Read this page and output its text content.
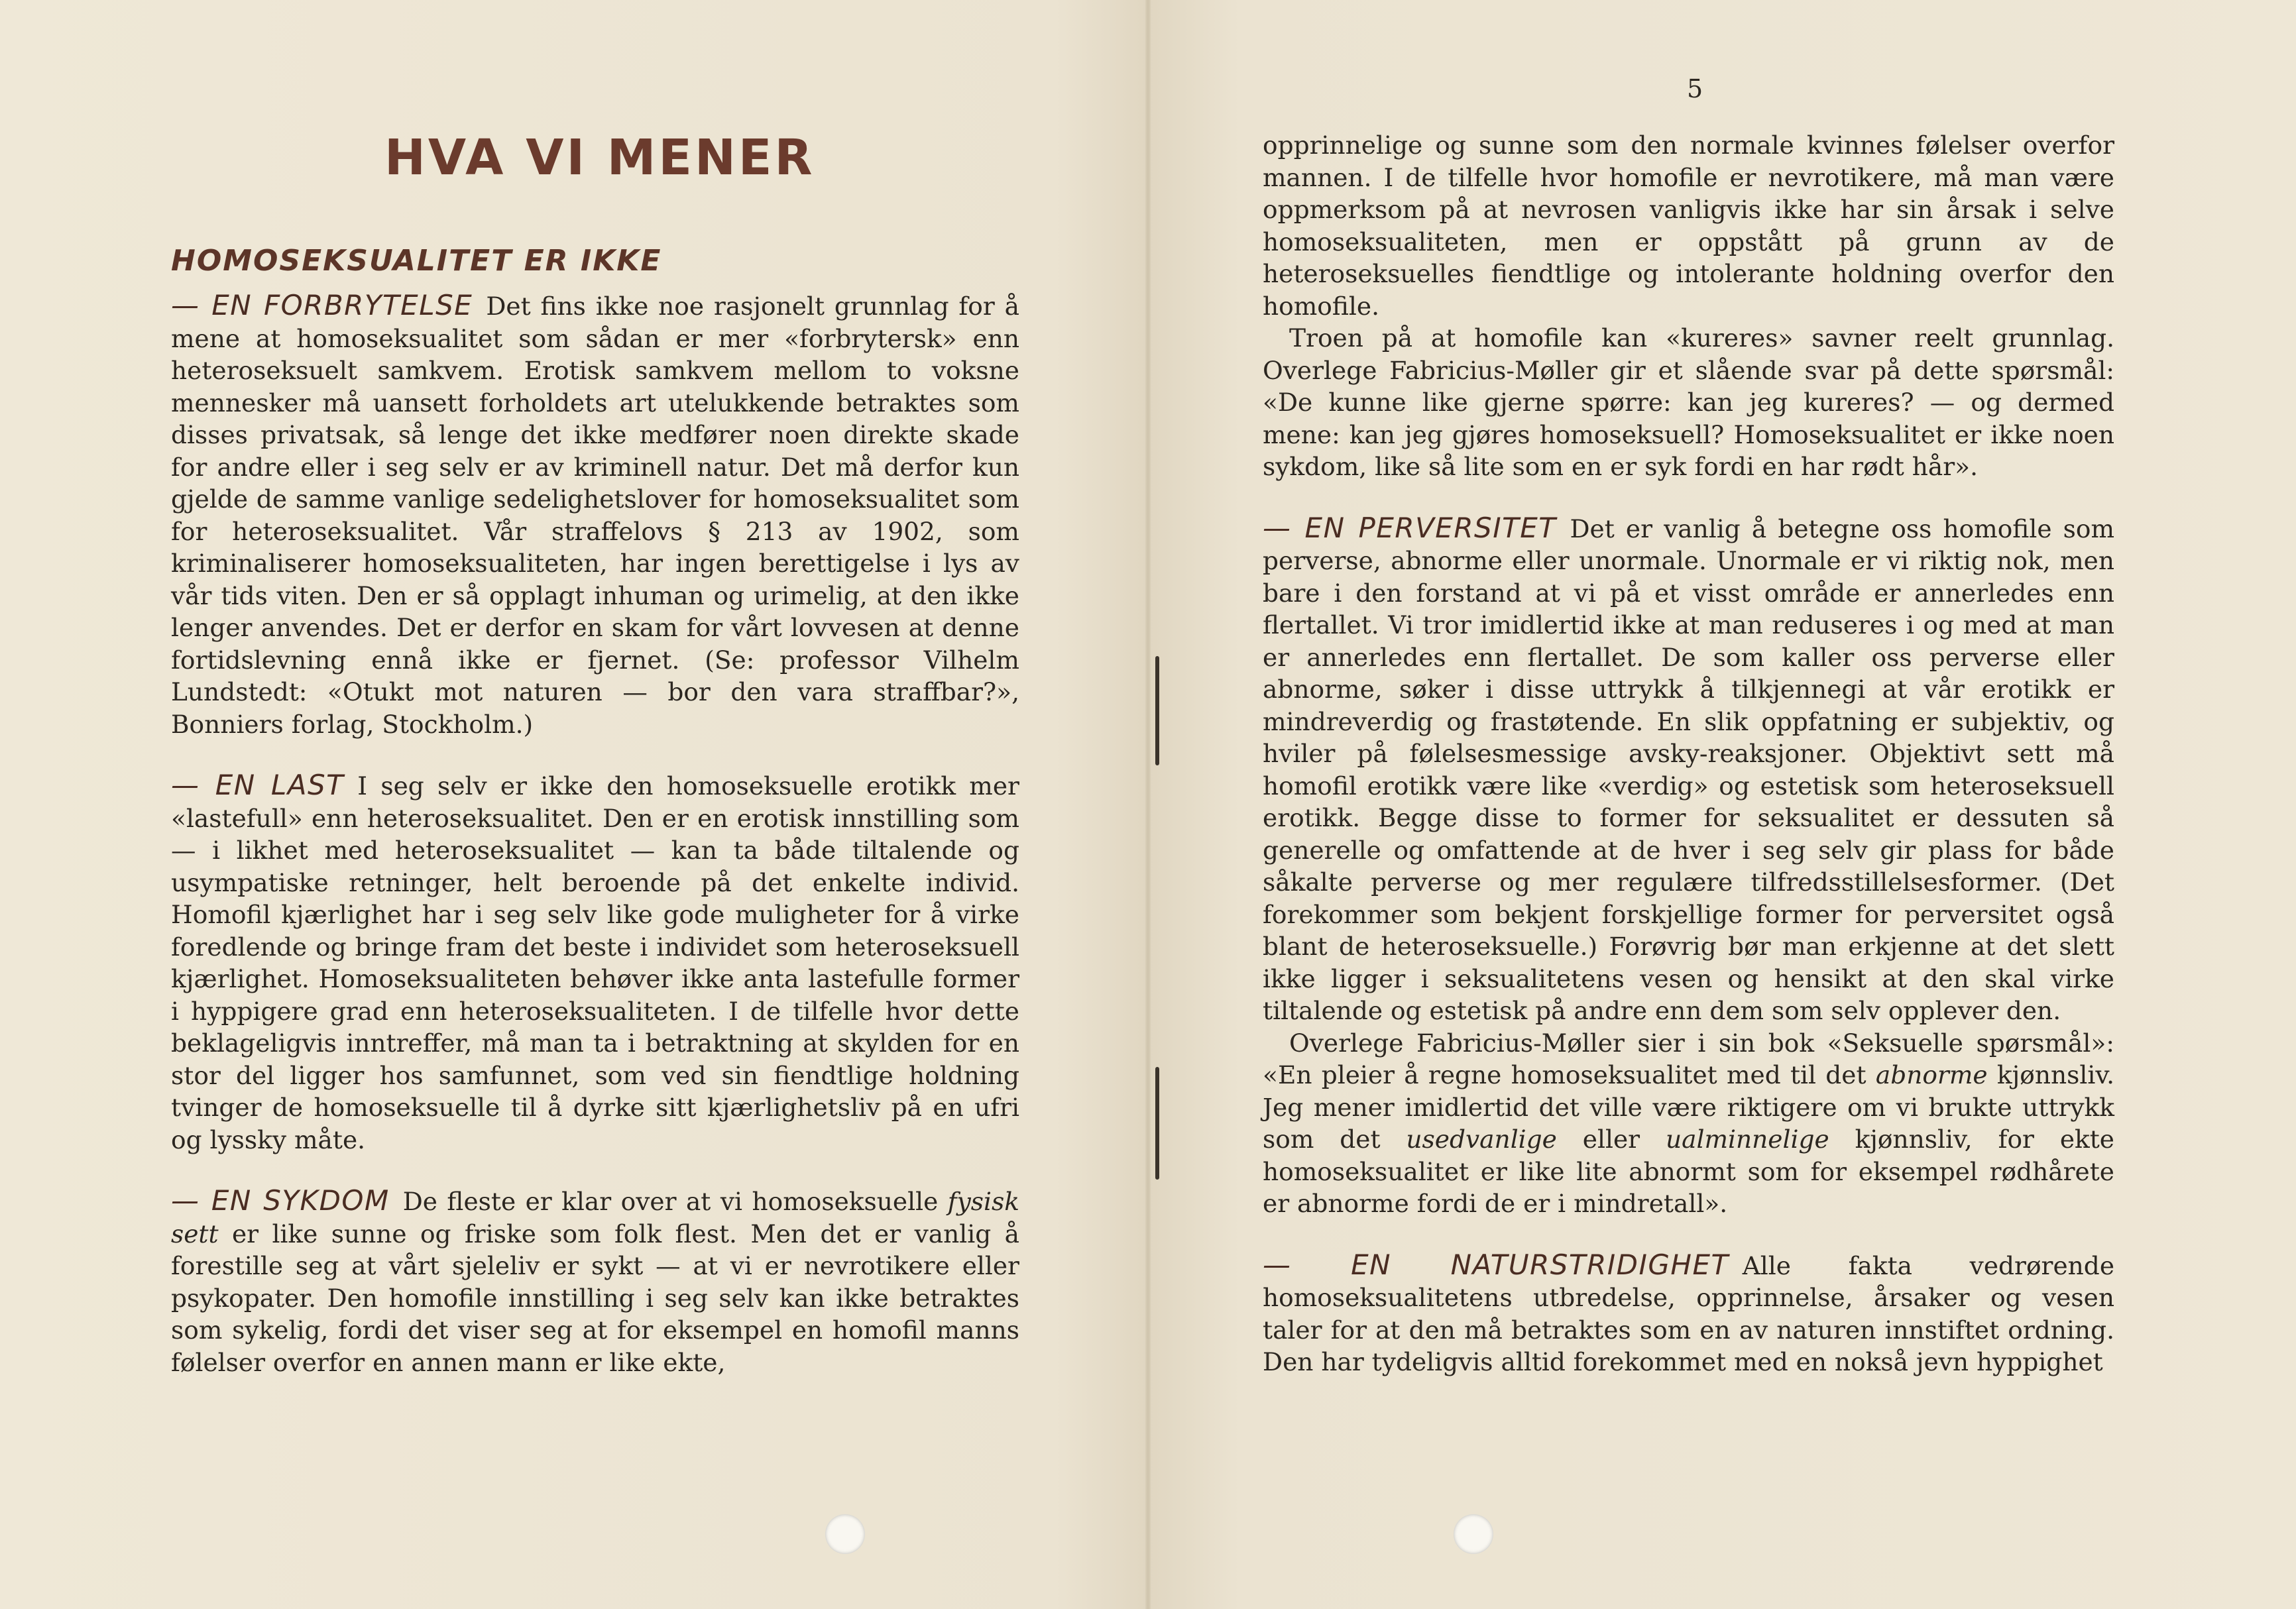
HVA VI MENER
HOMOSEKSUALITET ER IKKE
5

— EN FORBRYTELSE Det fins ikke noe rasjonelt grunnlag for å mene at homoseksualitet som sådan er mer «forbrytersk» enn heteroseksuelt samkvem. Erotisk samkvem mellom to voksne mennesker må uansett forholdets art utelukkende betraktes som disses privatsak, så lenge det ikke medfører noen direkte skade for andre eller i seg selv er av kriminell natur. Det må derfor kun gjelde de samme vanlige sedelighetslover for homoseksualitet som for heteroseksualitet. Vår straffelovs § 213 av 1902, som kriminaliserer homoseksualiteten, har ingen berettigelse i lys av vår tids viten. Den er så opplagt inhuman og urimelig, at den ikke lenger anvendes. Det er derfor en skam for vårt lovvesen at denne fortidslevning ennå ikke er fjernet. (Se: professor Vilhelm Lundstedt: «Otukt mot naturen — bor den vara straffbar?», Bonniers forlag, Stockholm.)

— EN LAST I seg selv er ikke den homoseksuelle erotikk mer «lastefull» enn heteroseksualitet. Den er en erotisk innstilling som — i likhet med heteroseksualitet — kan ta både tiltalende og usympatiske retninger, helt beroende på det enkelte individ. Homofil kjærlighet har i seg selv like gode muligheter for å virke foredlende og bringe fram det beste i individet som heteroseksuell kjærlighet. Homoseksualiteten behøver ikke anta lastefulle former i hyppigere grad enn heteroseksualiteten. I de tilfelle hvor dette beklageligvis inntreffer, må man ta i betraktning at skylden for en stor del ligger hos samfunnet, som ved sin fiendtlige holdning tvinger de homoseksuelle til å dyrke sitt kjærlighetsliv på en ufri og lyssky måte.

— EN SYKDOM De fleste er klar over at vi homoseksuelle fysisk sett er like sunne og friske som folk flest. Men det er vanlig å forestille seg at vårt sjeleliv er sykt — at vi er nevrotikere eller psykopater. Den homofile innstilling i seg selv kan ikke betraktes som sykelig, fordi det viser seg at for eksempel en homofil manns følelser overfor en annen mann er like ekte,

opprinnelige og sunne som den normale kvinnes følelser overfor mannen. I de tilfelle hvor homofile er nevrotikere, må man være oppmerksom på at nevrosen vanligvis ikke har sin årsak i selve homoseksualiteten, men er oppstått på grunn av de heteroseksuelles fiendtlige og intolerante holdning overfor den homofile.

Troen på at homofile kan «kureres» savner reelt grunnlag. Overlege Fabricius-Møller gir et slående svar på dette spørsmål: «De kunne like gjerne spørre: kan jeg kureres? — og dermed mene: kan jeg gjøres homoseksuell? Homoseksualitet er ikke noen sykdom, like så lite som en er syk fordi en har rødt hår».

— EN PERVERSITET Det er vanlig å betegne oss homofile som perverse, abnorme eller unormale. Unormale er vi riktig nok, men bare i den forstand at vi på et visst område er annerledes enn flertallet. Vi tror imidlertid ikke at man reduseres i og med at man er annerledes enn flertallet. De som kaller oss perverse eller abnorme, søker i disse uttrykk å tilkjennegi at vår erotikk er mindreverdig og frastøtende. En slik oppfatning er subjektiv, og hviler på følelsesmessige avsky-reaksjoner. Objektivt sett må homofil erotikk være like «verdig» og estetisk som heteroseksuell erotikk. Begge disse to former for seksualitet er dessuten så generelle og omfattende at de hver i seg selv gir plass for både såkalte perverse og mer regulære tilfredsstillelsesformer. (Det forekommer som bekjent forskjellige former for perversitet også blant de heteroseksuelle.) Forøvrig bør man erkjenne at det slett ikke ligger i seksualitetens vesen og hensikt at den skal virke tiltalende og estetisk på andre enn dem som selv opplever den.

Overlege Fabricius-Møller sier i sin bok «Seksuelle spørsmål»: «En pleier å regne homoseksualitet med til det abnorme kjønnsliv. Jeg mener imidlertid det ville være riktigere om vi brukte uttrykk som det usedvanlige eller ualminnelige kjønnsliv, for ekte homoseksualitet er like lite abnormt som for eksempel rødhårete er abnorme fordi de er i mindretall».

— EN NATURSTRIDIGHET Alle fakta vedrørende homoseksualitetens utbredelse, opprinnelse, årsaker og vesen taler for at den må betraktes som en av naturen innstiftet ordning. Den har tydeligvis alltid forekommet med en nokså jevn hyppighet
